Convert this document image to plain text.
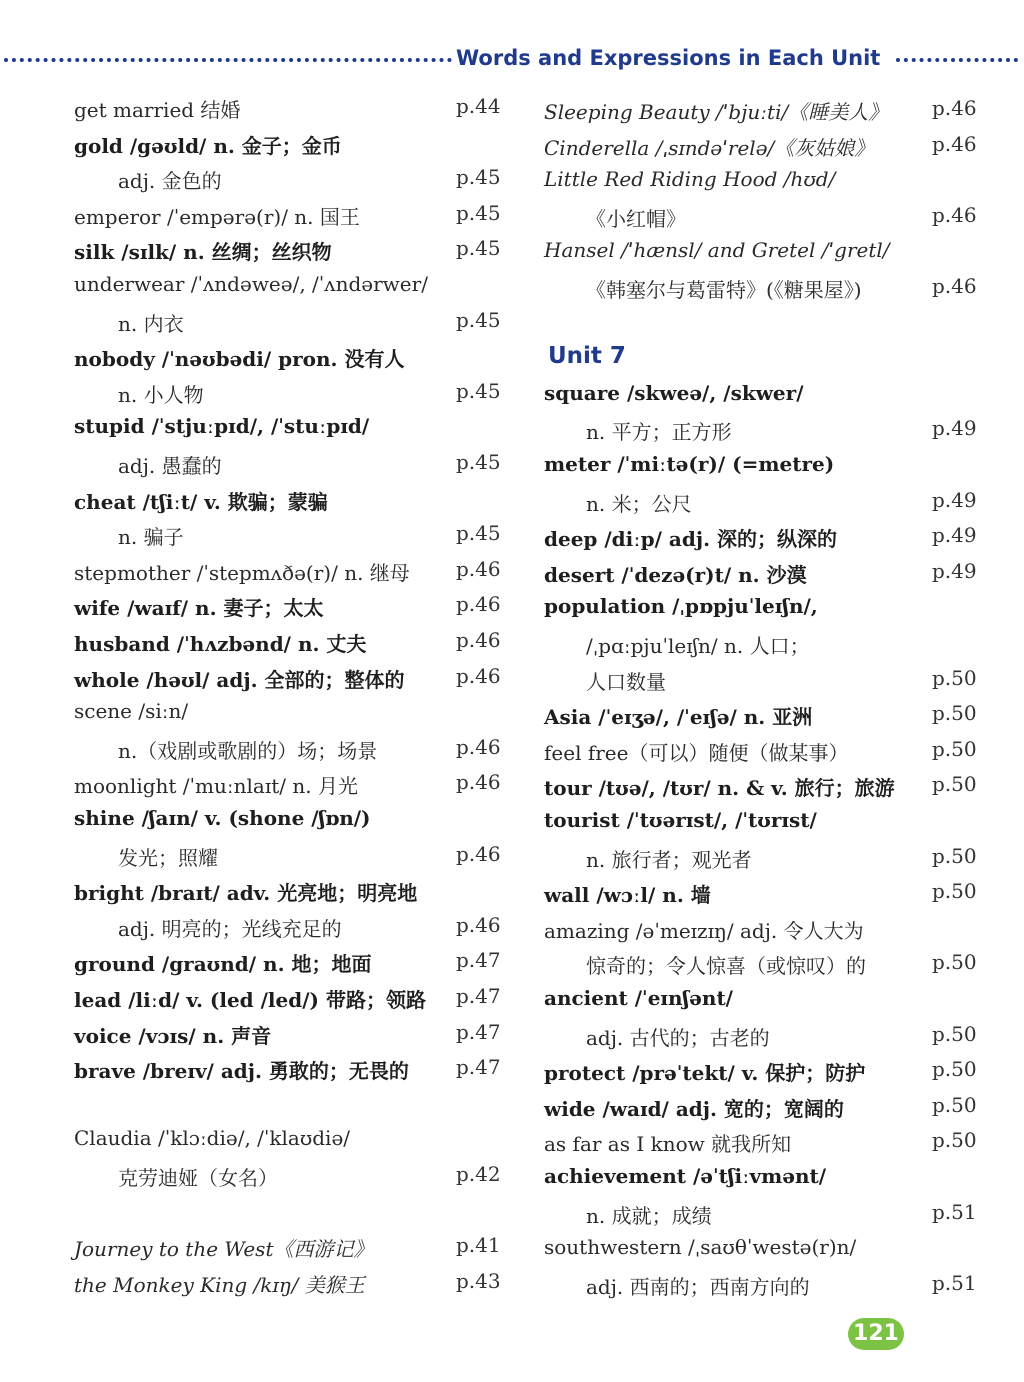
Words and Expressions in Each Unit
get married 结婚	p.44
gold /gəʊld/ n. 金子；金币
adj. 金色的	p.45
emperor /ˈempərə(r)/ n. 国王	p.45
silk /sɪlk/ n. 丝绸；丝织物	p.45
underwear /ˈʌndəweə/, /ˈʌndərwer/
n. 内衣	p.45
nobody /ˈnəʊbədi/ pron. 没有人
n. 小人物	p.45
stupid /ˈstjuːpɪd/, /ˈstuːpɪd/
adj. 愚蠢的	p.45
cheat /tʃiːt/ v. 欺骗；蒙骗
n. 骗子	p.45
stepmother /ˈstepmʌðə(r)/ n. 继母 p.46
wife /waɪf/ n. 妻子；太太	p.46
husband /ˈhʌzbənd/ n. 丈夫	p.46
whole /həʊl/ adj. 全部的；整体的	p.46
scene /siːn/
n.（戏剧或歌剧的）场；场景	p.46
moonlight /ˈmuːnlaɪt/ n. 月光	p.46
shine /ʃaɪn/ v. (shone /ʃɒn/)
发光；照耀	p.46
bright /braɪt/ adv. 光亮地；明亮地
adj. 明亮的；光线充足的	p.46
ground /graʊnd/ n. 地；地面	p.47
lead /liːd/ v. (led /led/) 带路；领路 p.47
voice /vɔɪs/ n. 声音	p.47
brave /breɪv/ adj. 勇敢的；无畏的 p.47
Claudia /ˈklɔːdiə/, /ˈklaʊdiə/
克劳迪娅（女名）	p.42
Journey to the West《西游记》	p.41
the Monkey King /kɪŋ/ 美猴王	p.43
Sleeping Beauty /ˈbjuːti/《睡美人》 p.46
Cinderella /ˌsɪndəˈrelə/《灰姑娘》	p.46
Little Red Riding Hood /hʊd/
《小红帽》	p.46
Hansel /ˈhænsl/ and Gretel /ˈgretl/
《韩塞尔与葛雷特》(《糖果屋》)	p.46
square /skweə/, /skwer/
n. 平方；正方形	p.49
meter /ˈmiːtə(r)/ (=metre)
n. 米；公尺	p.49
deep /diːp/ adj. 深的；纵深的	p.49
desert /ˈdezə(r)t/ n. 沙漠	p.49
population /ˌpɒpjuˈleɪʃn/,
/ˌpɑːpjuˈleɪʃn/ n. 人口；
人口数量	p.50
Asia /ˈeɪʒə/, /ˈeɪʃə/ n. 亚洲	p.50
feel free（可以）随便（做某事）	p.50
tour /tʊə/, /tʊr/ n. & v. 旅行；旅游 p.50
tourist /ˈtʊərɪst/, /ˈtʊrɪst/
n. 旅行者；观光者	p.50
wall /wɔːl/ n. 墙	p.50
amazing /əˈmeɪzɪŋ/ adj. 令人大为
惊奇的；令人惊喜（或惊叹）的	p.50
ancient /ˈeɪnʃənt/
adj. 古代的；古老的	p.50
protect /prəˈtekt/ v. 保护；防护	p.50
wide /waɪd/ adj. 宽的；宽阔的	p.50
as far as I know 就我所知	p.50
achievement /əˈtʃiːvmənt/
n. 成就；成绩	p.51
southwestern /ˌsaʊθˈwestə(r)n/
adj. 西南的；西南方向的	p.51
Unit 7
121
